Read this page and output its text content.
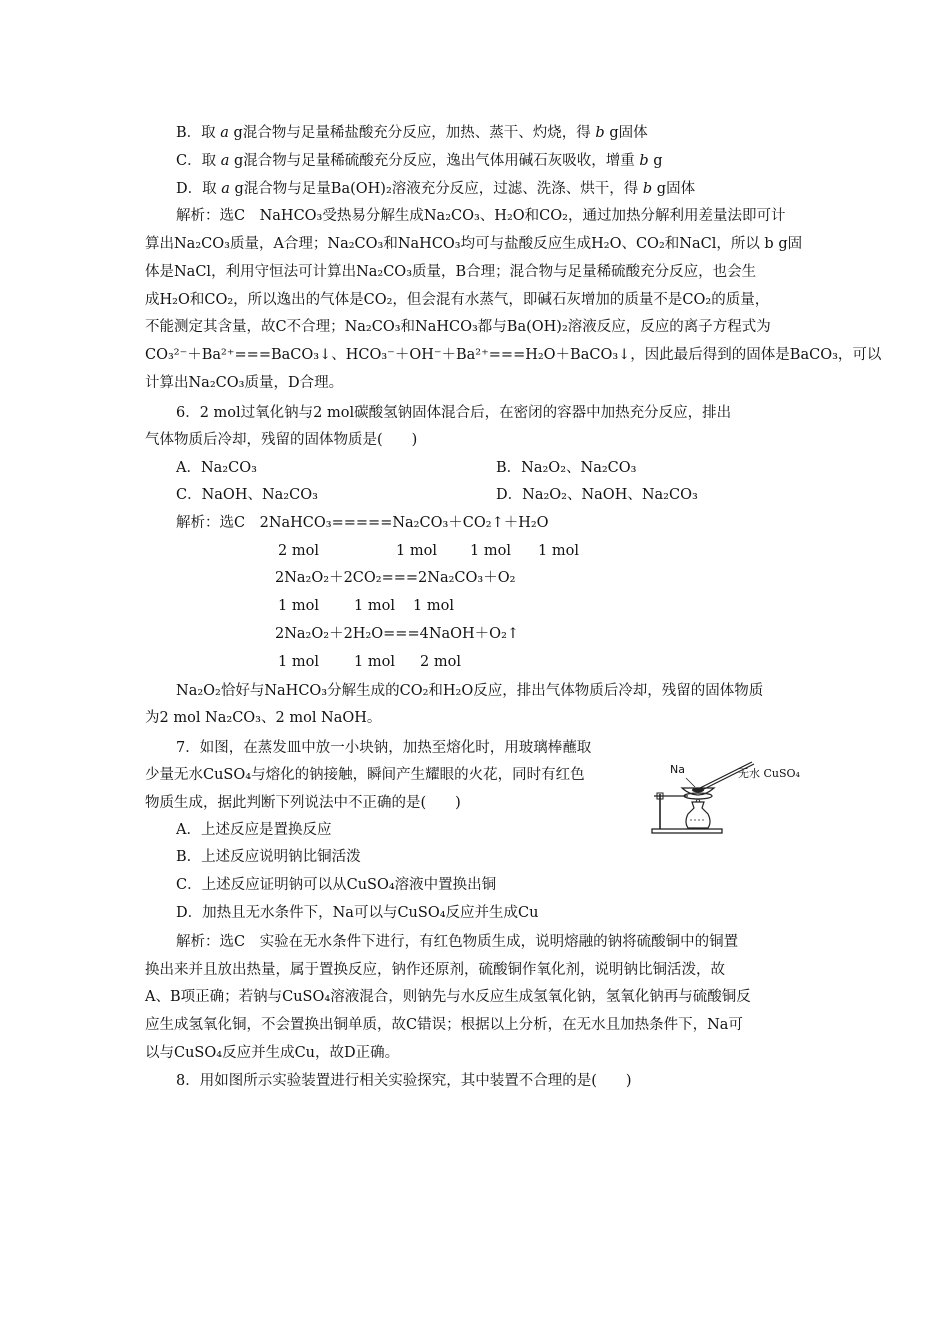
B．取 a g混合物与足量稀盐酸充分反应，加热、蒸干、灼烧，得 b g固体
C．取 a g混合物与足量稀硫酸充分反应，逸出气体用碱石灰吸收，增重 b g
D．取 a g混合物与足量Ba(OH)₂溶液充分反应，过滤、洗涤、烘干，得 b g固体
解析：选C　NaHCO₃受热易分解生成Na₂CO₃、H₂O和CO₂，通过加热分解利用差量法即可计
算出Na₂CO₃质量，A合理；Na₂CO₃和NaHCO₃均可与盐酸反应生成H₂O、CO₂和NaCl，所以 b g固
体是NaCl，利用守恒法可计算出Na₂CO₃质量，B合理；混合物与足量稀硫酸充分反应，也会生
成H₂O和CO₂，所以逸出的气体是CO₂，但会混有水蒸气，即碱石灰增加的质量不是CO₂的质量，
不能测定其含量，故C不合理；Na₂CO₃和NaHCO₃都与Ba(OH)₂溶液反应，反应的离子方程式为
CO₃²⁻＋Ba²⁺===BaCO₃↓、HCO₃⁻＋OH⁻＋Ba²⁺===H₂O＋BaCO₃↓，因此最后得到的固体是BaCO₃，可以
计算出Na₂CO₃质量，D合理。
6．2 mol过氧化钠与2 mol碳酸氢钠固体混合后，在密闭的容器中加热充分反应，排出
气体物质后冷却，残留的固体物质是(　　)
A．Na₂CO₃	B．Na₂O₂、Na₂CO₃
C．NaOH、Na₂CO₃	D．Na₂O₂、NaOH、Na₂CO₃
解析：选C　2NaHCO₃=====Na₂CO₃＋CO₂↑＋H₂O
2 mol	1 mol 1 mol 1 mol
2Na₂O₂＋2CO₂===2Na₂CO₃＋O₂
1 mol 1 mol 1 mol
2Na₂O₂＋2H₂O===4NaOH＋O₂↑
1 mol 1 mol 2 mol
Na₂O₂恰好与NaHCO₃分解生成的CO₂和H₂O反应，排出气体物质后冷却，残留的固体物质
为2 mol Na₂CO₃、2 mol NaOH。
7．如图，在蒸发皿中放一小块钠，加热至熔化时，用玻璃棒蘸取
少量无水CuSO₄与熔化的钠接触，瞬间产生耀眼的火花，同时有红色
物质生成，据此判断下列说法中不正确的是(　　)
Na	无水 CuSO₄
A．上述反应是置换反应
B．上述反应说明钠比铜活泼
C．上述反应证明钠可以从CuSO₄溶液中置换出铜
D．加热且无水条件下，Na可以与CuSO₄反应并生成Cu
解析：选C　实验在无水条件下进行，有红色物质生成，说明熔融的钠将硫酸铜中的铜置
换出来并且放出热量，属于置换反应，钠作还原剂，硫酸铜作氧化剂，说明钠比铜活泼，故
A、B项正确；若钠与CuSO₄溶液混合，则钠先与水反应生成氢氧化钠，氢氧化钠再与硫酸铜反
应生成氢氧化铜，不会置换出铜单质，故C错误；根据以上分析，在无水且加热条件下，Na可
以与CuSO₄反应并生成Cu，故D正确。
8．用如图所示实验装置进行相关实验探究，其中装置不合理的是(　　)
